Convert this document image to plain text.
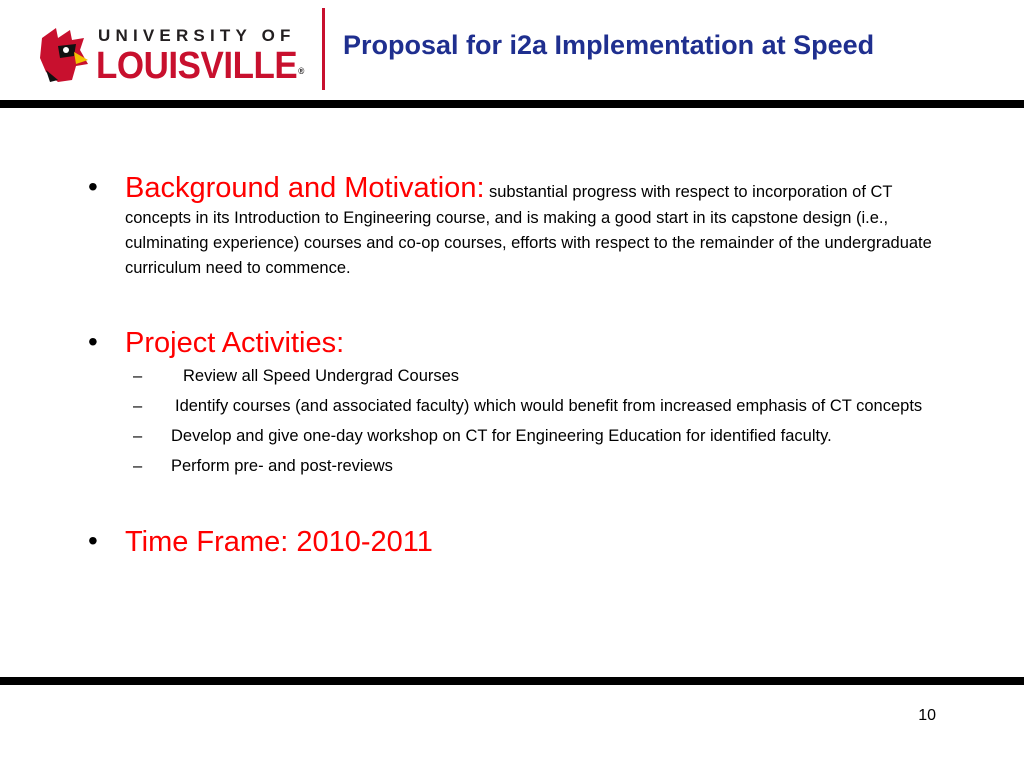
UNIVERSITY OF
LOUISVILLE®
Proposal for i2a Implementation at Speed
• Background and Motivation: substantial progress with respect to incorporation of CT concepts in its Introduction to Engineering course, and is making a good start in its capstone design (i.e., culminating experience) courses and co-op courses, efforts with respect to the remainder of the undergraduate curriculum need to commence.
• Project Activities:
– Review all Speed Undergrad Courses
– Identify courses (and associated faculty) which would benefit from increased emphasis of CT concepts
– Develop and give one-day workshop on CT for Engineering Education for identified faculty.
– Perform pre- and post-reviews
• Time Frame: 2010-2011
10
